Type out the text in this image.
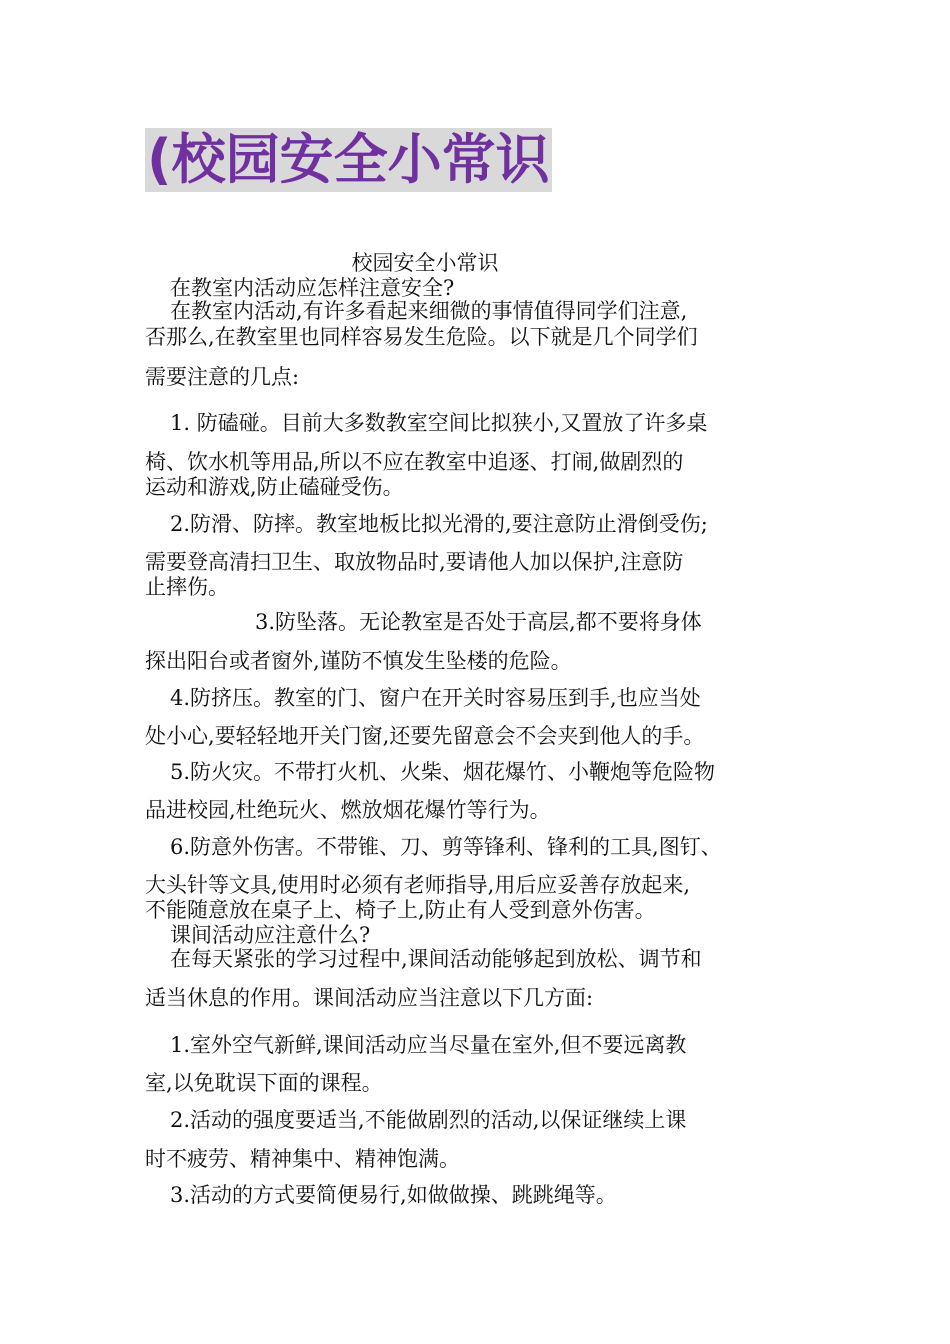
(校园安全小常识

校园安全小常识

在教室内活动应怎样注意安全?

在教室内活动,有许多看起来细微的事情值得同学们注意,

否那么,在教室里也同样容易发生危险。以下就是几个同学们

需要注意的几点:

1. 防磕碰。目前大多数教室空间比拟狭小,又置放了许多桌

椅、饮水机等用品,所以不应在教室中追逐、打闹,做剧烈的

运动和游戏,防止磕碰受伤。

2.防滑、防摔。教室地板比拟光滑的,要注意防止滑倒受伤;

需要登高清扫卫生、取放物品时,要请他人加以保护,注意防

止摔伤。

3.防坠落。无论教室是否处于高层,都不要将身体

探出阳台或者窗外,谨防不慎发生坠楼的危险。

4.防挤压。教室的门、窗户在开关时容易压到手,也应当处

处小心,要轻轻地开关门窗,还要先留意会不会夹到他人的手。

5.防火灾。不带打火机、火柴、烟花爆竹、小鞭炮等危险物

品进校园,杜绝玩火、燃放烟花爆竹等行为。

6.防意外伤害。不带锥、刀、剪等锋利、锋利的工具,图钉、

大头针等文具,使用时必须有老师指导,用后应妥善存放起来,

不能随意放在桌子上、椅子上,防止有人受到意外伤害。

课间活动应注意什么?

在每天紧张的学习过程中,课间活动能够起到放松、调节和

适当休息的作用。课间活动应当注意以下几方面:

1.室外空气新鲜,课间活动应当尽量在室外,但不要远离教

室,以免耽误下面的课程。

2.活动的强度要适当,不能做剧烈的活动,以保证继续上课

时不疲劳、精神集中、精神饱满。

3.活动的方式要简便易行,如做做操、跳跳绳等。
